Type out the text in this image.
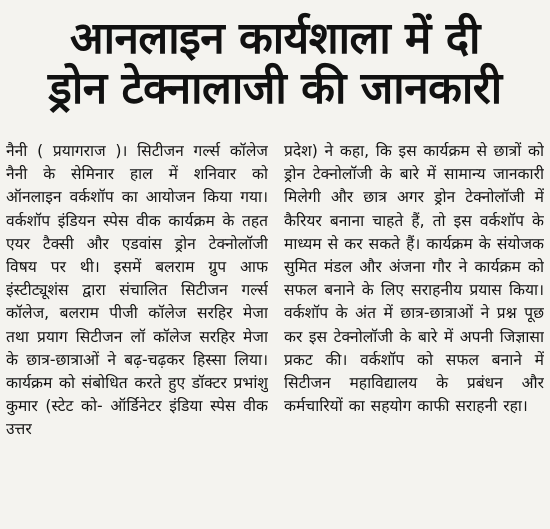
आनलाइन कार्यशाला में दी
ड्रोन टेक्नालाजी की जानकारी

नैनी ( प्रयागराज )। सिटीजन गर्ल्स कॉलेज नैनी के सेमिनार हाल में शनिवार को ऑनलाइन वर्कशॉप का आयोजन किया गया। वर्कशॉप इंडियन स्पेस वीक कार्यक्रम के तहत एयर टैक्सी और एडवांस ड्रोन टेक्नोलॉजी विषय पर थी। इसमें बलराम ग्रुप आफ इंस्टीट्यूशंस द्वारा संचालित सिटीजन गर्ल्स कॉलेज, बलराम पीजी कॉलेज सरहिर मेजा तथा प्रयाग सिटीजन लॉ कॉलेज सरहिर मेजा के छात्र-छात्राओं ने बढ़-चढ़कर हिस्सा लिया। कार्यक्रम को संबोधित करते हुए डॉक्टर प्रभांशु कुमार (स्टेट को- ऑर्डिनेटर इंडिया स्पेस वीक उत्तर

प्रदेश) ने कहा, कि इस कार्यक्रम से छात्रों को ड्रोन टेक्नोलॉजी के बारे में सामान्य जानकारी मिलेगी और छात्र अगर ड्रोन टेक्नोलॉजी में कैरियर बनाना चाहते हैं, तो इस वर्कशॉप के माध्यम से कर सकते हैं। कार्यक्रम के संयोजक सुमित मंडल और अंजना गौर ने कार्यक्रम को सफल बनाने के लिए सराहनीय प्रयास किया। वर्कशॉप के अंत में छात्र-छात्राओं ने प्रश्न पूछ कर इस टेक्नोलॉजी के बारे में अपनी जिज्ञासा प्रकट की। वर्कशॉप को सफल बनाने में सिटीजन महाविद्यालय के प्रबंधन और कर्मचारियों का सहयोग काफी सराहनी रहा।
